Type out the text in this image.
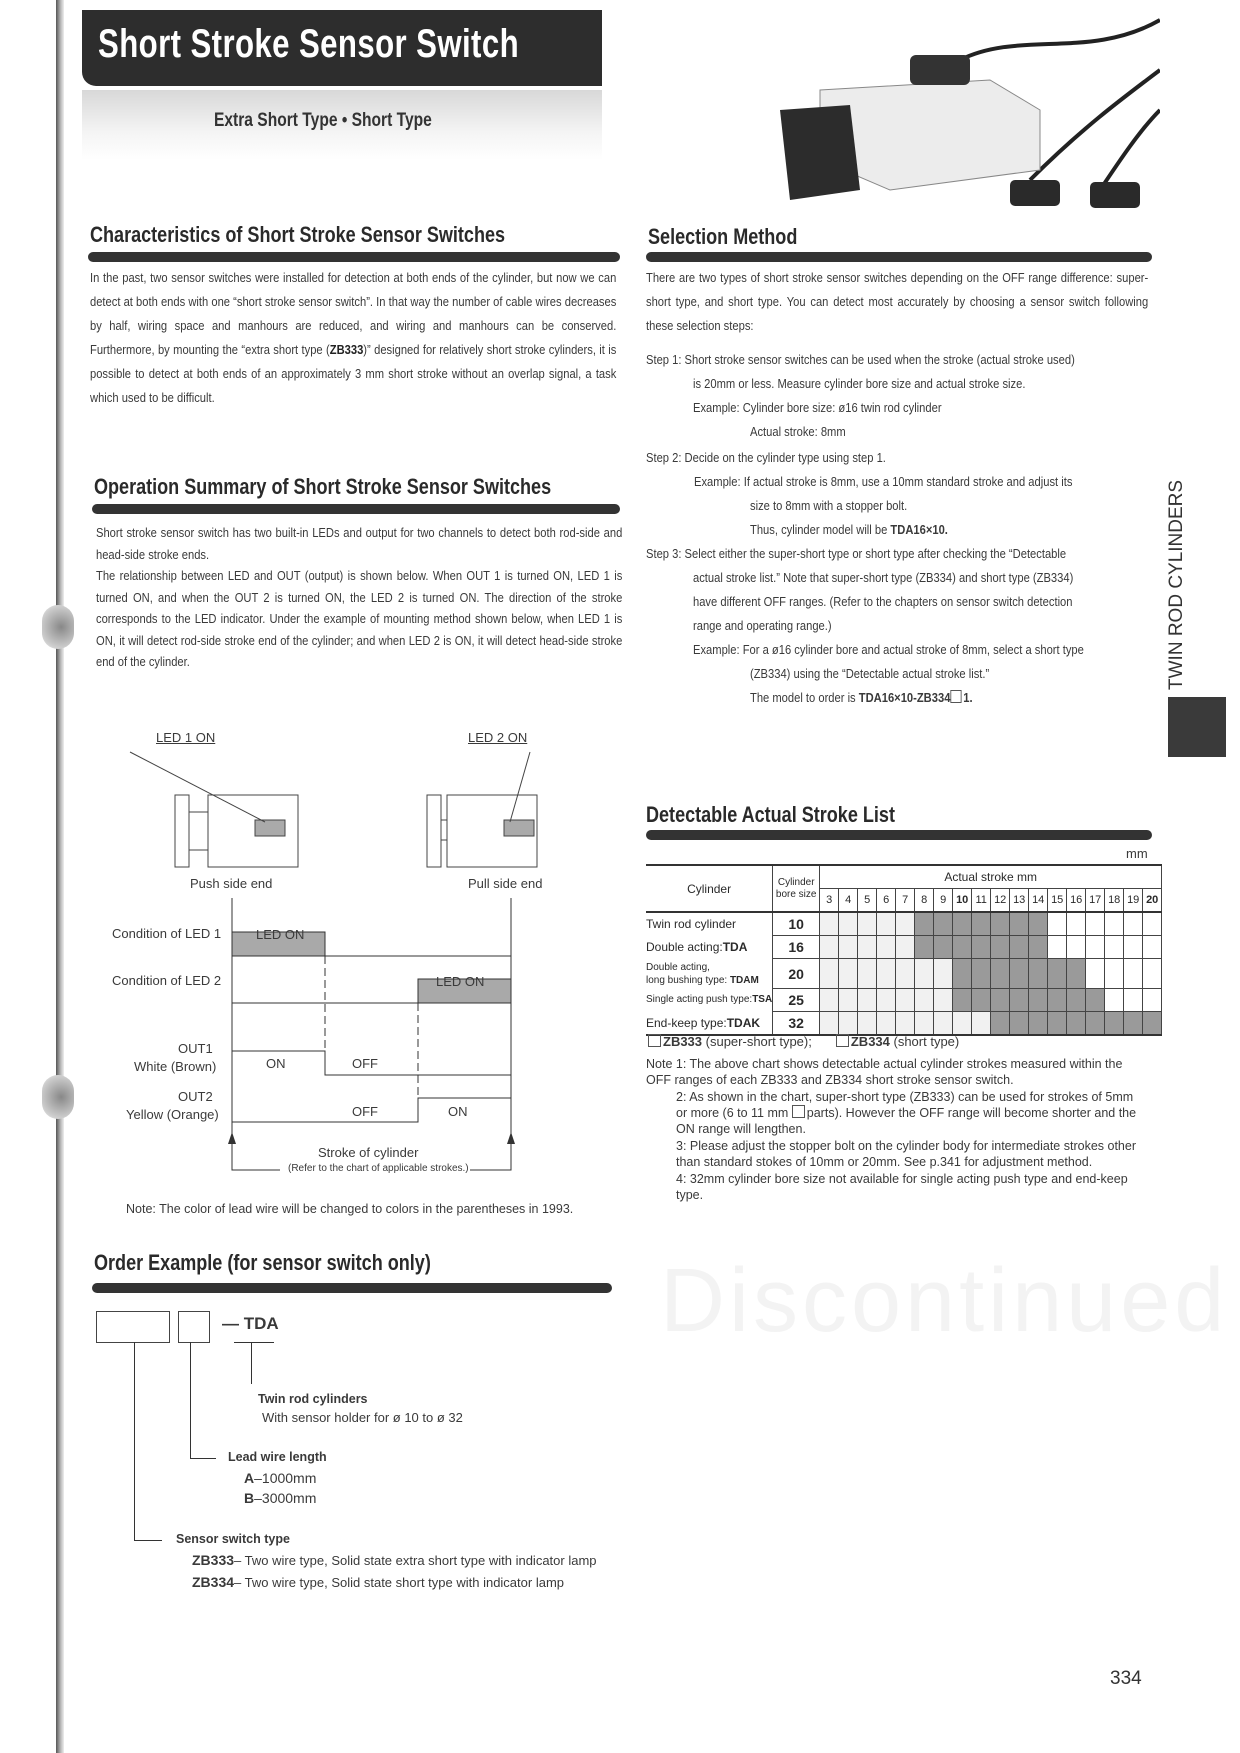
Discontinued
Short Stroke Sensor Switch
Extra Short Type • Short Type
Characteristics of Short Stroke Sensor Switches
In the past, two sensor switches were installed for detection at both ends of the cylinder, but now we can detect at both ends with one “short stroke sensor switch”. In that way the number of cable wires decreases by half, wiring space and manhours are reduced, and wiring and manhours can be conserved. Furthermore, by mounting the “extra short type (ZB333)” designed for relatively short stroke cylinders, it is possible to detect at both ends of an approximately 3 mm short stroke without an overlap signal, a task which used to be difficult.
Operation Summary of Short Stroke Sensor Switches
Short stroke sensor switch has two built-in LEDs and output for two channels to detect both rod-side and head-side stroke ends.
The relationship between LED and OUT (output) is shown below. When OUT 1 is turned ON, LED 1 is turned ON, and when the OUT 2 is turned ON, the LED 2 is turned ON. The direction of the stroke corresponds to the LED indicator. Under the example of mounting method shown below, when LED 1 is ON, it will detect rod-side stroke end of the cylinder; and when LED 2 is ON, it will detect head-side stroke end of the cylinder.
LED 1 ON	LED 2 ON
Push side end	Pull side end
Condition of LED 1	LED ON
Condition of LED 2	LED ON
OUT1
White (Brown)	ON	OFF
OUT2
Yellow (Orange)	OFF	ON
Stroke of cylinder
(Refer to the chart of applicable strokes.)
Note: The color of lead wire will be changed to colors in the parentheses in 1993.
Order Example (for sensor switch only)
— TDA
Twin rod cylinders
With sensor holder for ø 10 to ø 32
Lead wire length
A–1000mm
B–3000mm
Sensor switch type
ZB333– Two wire type, Solid state extra short type with indicator lamp
ZB334– Two wire type, Solid state short type with indicator lamp
Selection Method
There are two types of short stroke sensor switches depending on the OFF range difference: super-short type, and short type. You can detect most accurately by choosing a sensor switch following these selection steps:
Step 1: Short stroke sensor switches can be used when the stroke (actual stroke used)
is 20mm or less. Measure cylinder bore size and actual stroke size.
Example: Cylinder bore size: ø16 twin rod cylinder
Actual stroke: 8mm
Step 2: Decide on the cylinder type using step 1.
Example: If actual stroke is 8mm, use a 10mm standard stroke and adjust its
size to 8mm with a stopper bolt.
Thus, cylinder model will be TDA16×10.
Step 3: Select either the super-short type or short type after checking the “Detectable
actual stroke list.” Note that super-short type (ZB334) and short type (ZB334)
have different OFF ranges. (Refer to the chapters on sensor switch detection
range and operating range.)
Example: For a ø16 cylinder bore and actual stroke of 8mm, select a short type
(ZB334) using the “Detectable actual stroke list.”
The model to order is TDA16×10-ZB334 1.
TWIN ROD CYLINDERS
Detectable Actual Stroke List
mm
Cylinder	Cylinder bore size	Actual stroke mm																	
		3	4	5	6	7	8	9	10	11	12	13	14	15	16	17	18	19	20

Twin rod cylinder	10																		

Double acting:TDA	16																		

Double acting,
long bushing type: TDAM	20																		

Single acting push type:TSA	25																		

End-keep type:TDAK	32																		
ZB333 (super-short type);	ZB334 (short type)
Note 1: The above chart shows detectable actual cylinder strokes measured within the OFF ranges of each ZB333 and ZB334 short stroke sensor switch.
2: As shown in the chart, super-short type (ZB333) can be used for strokes of 5mm or more (6 to 11 mm parts). However the OFF range will become shorter and the ON range will lengthen.
3: Please adjust the stopper bolt on the cylinder body for intermediate strokes other than standard stokes of 10mm or 20mm. See p.341 for adjustment method.
4: 32mm cylinder bore size not available for single acting push type and end-keep type.
334
